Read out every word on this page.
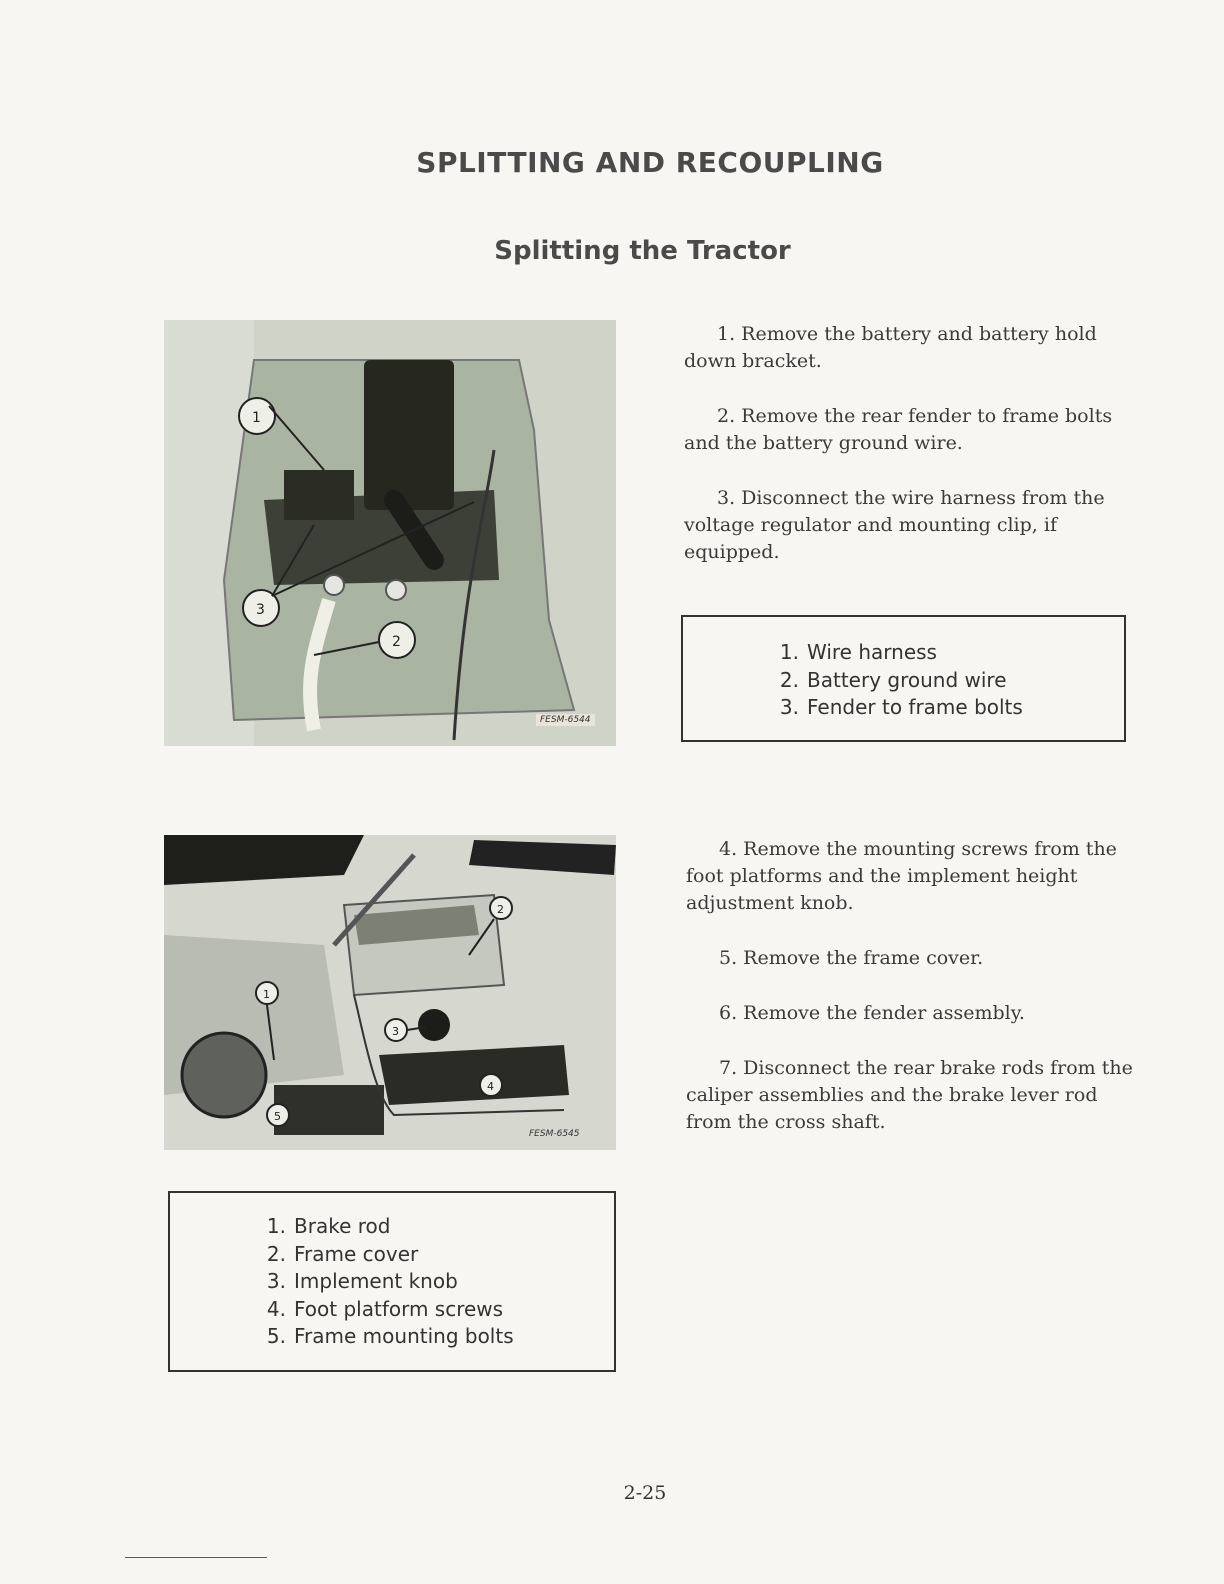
SPLITTING AND RECOUPLING
Splitting the Tractor
1
2
3
FESM-6544

1. Remove the battery and battery hold down bracket.

2. Remove the rear fender to frame bolts and the battery ground wire.

3. Disconnect the wire harness from the voltage regulator and mounting clip, if equipped.

1. Wire harness
2. Battery ground wire
3. Fender to frame bolts
1
2
3
4
5
FESM-6545

4. Remove the mounting screws from the foot platforms and the implement height adjustment knob.

5. Remove the frame cover.

6. Remove the fender assembly.

7. Disconnect the rear brake rods from the caliper assemblies and the brake lever rod from the cross shaft.

1. Brake rod
2. Frame cover
3. Implement knob
4. Foot platform screws
5. Frame mounting bolts
2-25
